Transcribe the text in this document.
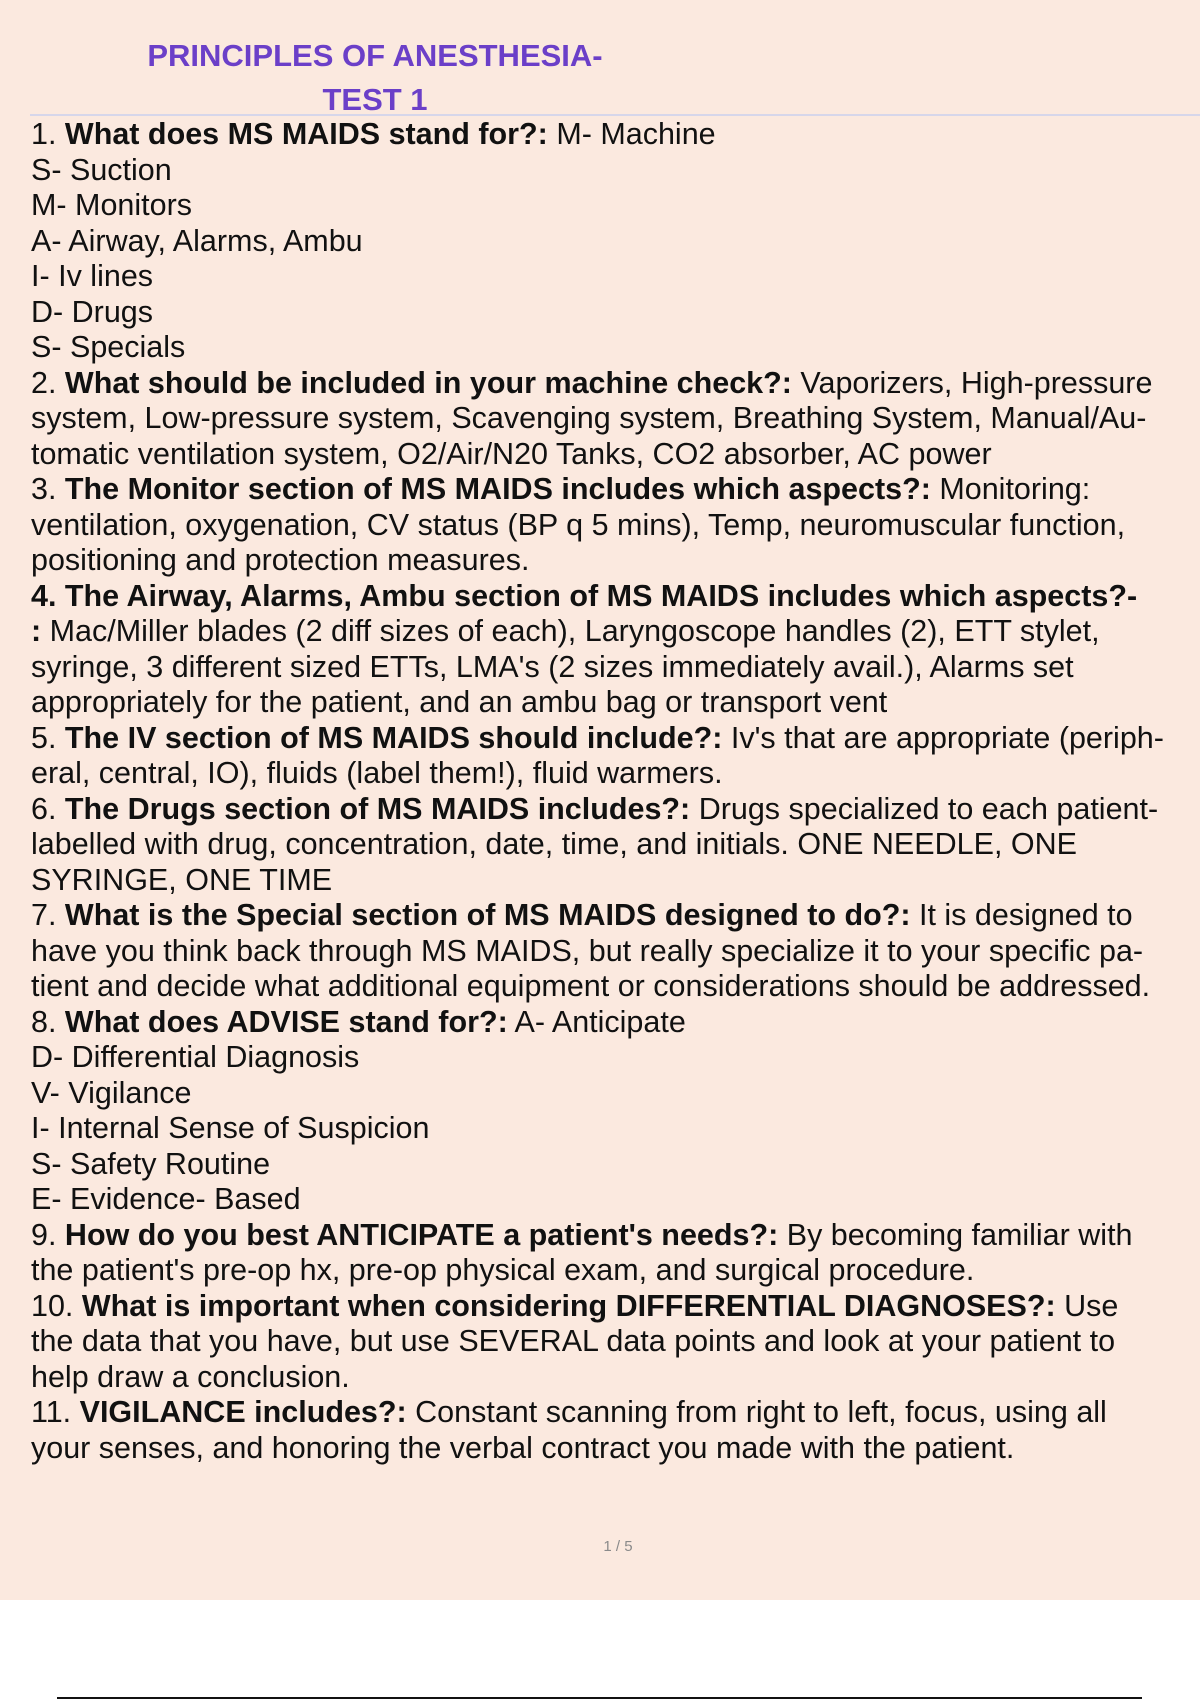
PRINCIPLES OF ANESTHESIA-
TEST 1
1. What does MS MAIDS stand for?: M- Machine
S- Suction
M- Monitors
A- Airway, Alarms, Ambu
I- Iv lines
D- Drugs
S- Specials
2. What should be included in your machine check?: Vaporizers, High-pressure
system, Low-pressure system, Scavenging system, Breathing System, Manual/Au-
tomatic ventilation system, O2/Air/N20 Tanks, CO2 absorber, AC power
3. The Monitor section of MS MAIDS includes which aspects?: Monitoring:
ventilation, oxygenation, CV status (BP q 5 mins), Temp, neuromuscular function,
positioning and protection measures.
4. The Airway, Alarms, Ambu section of MS MAIDS includes which aspects?-
: Mac/Miller blades (2 diff sizes of each), Laryngoscope handles (2), ETT stylet,
syringe, 3 different sized ETTs, LMA's (2 sizes immediately avail.), Alarms set
appropriately for the patient, and an ambu bag or transport vent
5. The IV section of MS MAIDS should include?: Iv's that are appropriate (periph-
eral, central, IO), fluids (label them!), fluid warmers.
6. The Drugs section of MS MAIDS includes?: Drugs specialized to each patient-
labelled with drug, concentration, date, time, and initials. ONE NEEDLE, ONE
SYRINGE, ONE TIME
7. What is the Special section of MS MAIDS designed to do?: It is designed to
have you think back through MS MAIDS, but really specialize it to your specific pa-
tient and decide what additional equipment or considerations should be addressed.
8. What does ADVISE stand for?: A- Anticipate
D- Differential Diagnosis
V- Vigilance
I- Internal Sense of Suspicion
S- Safety Routine
E- Evidence- Based
9. How do you best ANTICIPATE a patient's needs?: By becoming familiar with
the patient's pre-op hx, pre-op physical exam, and surgical procedure.
10. What is important when considering DIFFERENTIAL DIAGNOSES?: Use
the data that you have, but use SEVERAL data points and look at your patient to
help draw a conclusion.
11. VIGILANCE includes?: Constant scanning from right to left, focus, using all
your senses, and honoring the verbal contract you made with the patient.
1 / 5
